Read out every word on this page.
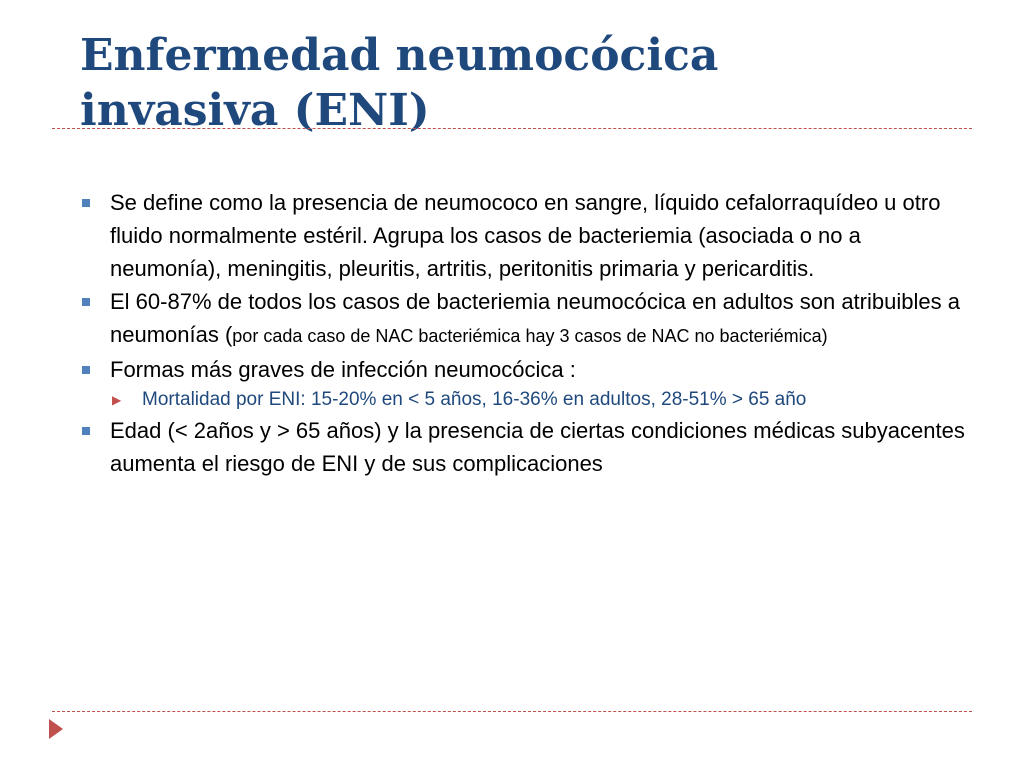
Enfermedad neumocócica
invasiva (ENI)
Se define como la presencia de neumococo en sangre, líquido cefalorraquídeo u otro fluido normalmente estéril. Agrupa los casos de bacteriemia (asociada o no a neumonía), meningitis, pleuritis, artritis, peritonitis primaria y pericarditis.
El 60-87% de todos los casos de bacteriemia neumocócica en adultos son atribuibles a neumonías (por cada caso de NAC bacteriémica hay 3 casos de NAC no bacteriémica)
Formas más graves de infección neumocócica :
▶ Mortalidad por ENI: 15-20% en < 5 años, 16-36% en adultos, 28-51% > 65 año
Edad (< 2años y > 65 años) y la presencia de ciertas condiciones médicas subyacentes aumenta el riesgo de ENI y de sus complicaciones
